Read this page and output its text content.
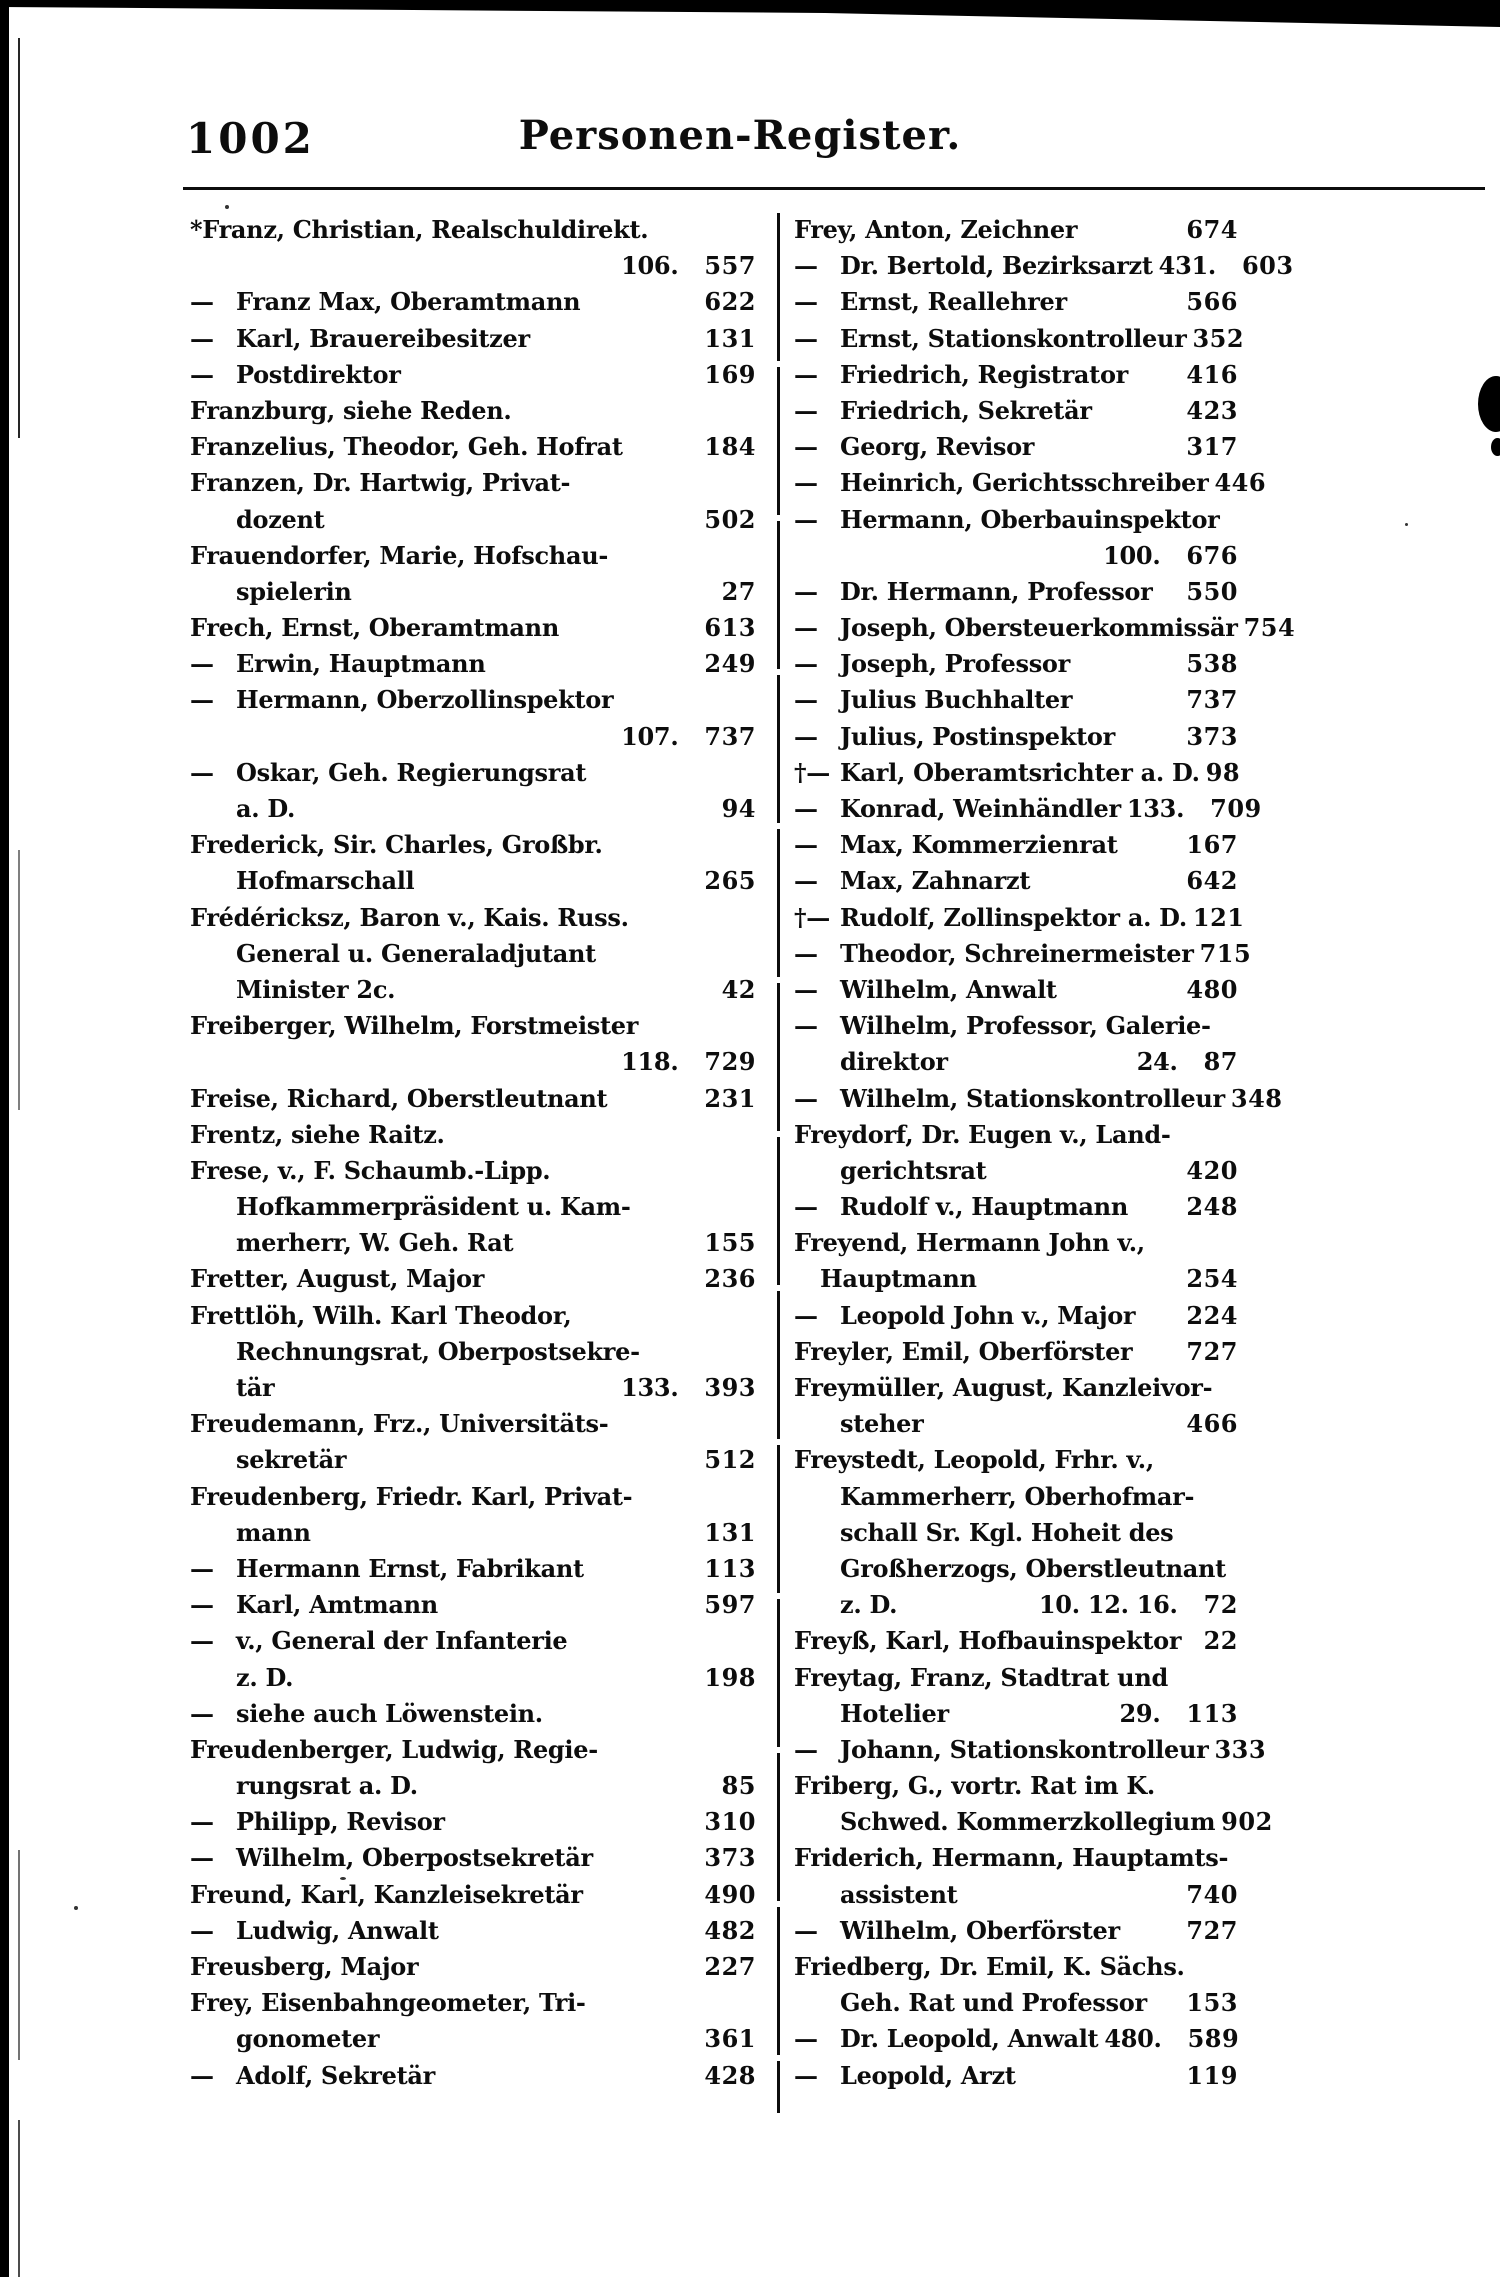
1002	Personen-Register.
*Franz, Christian, Realschuldirekt.
106. 557
— Franz Max, Oberamtmann	622
— Karl, Brauereibesitzer	131
— Postdirektor	169
Franzburg, siehe Reden.
Franzelius, Theodor, Geh. Hofrat	184
Franzen, Dr. Hartwig, Privat-
dozent	502
Frauendorfer, Marie, Hofschau-
spielerin	27
Frech, Ernst, Oberamtmann	613
— Erwin, Hauptmann	249
— Hermann, Oberzollinspektor
107. 737
— Oskar, Geh. Regierungsrat
a. D.	94
Frederick, Sir. Charles, Großbr.
Hofmarschall	265
Frédéricksz, Baron v., Kais. Russ.
General u. Generaladjutant
Minister 2c.	42
Freiberger, Wilhelm, Forstmeister
118. 729
Freise, Richard, Oberstleutnant	231
Frentz, siehe Raitz.
Frese, v., F. Schaumb.-Lipp.
Hofkammerpräsident u. Kam-
merherr, W. Geh. Rat	155
Fretter, August, Major	236
Frettlöh, Wilh. Karl Theodor,
Rechnungsrat, Oberpostsekre-
tär	133. 393
Freudemann, Frz., Universitäts-
sekretär	512
Freudenberg, Friedr. Karl, Privat-
mann	131
— Hermann Ernst, Fabrikant	113
— Karl, Amtmann	597
— v., General der Infanterie
z. D.	198
— siehe auch Löwenstein.
Freudenberger, Ludwig, Regie-
rungsrat a. D.	85
— Philipp, Revisor	310
— Wilhelm, Oberpostsekretär	373
Freund, Karl, Kanzleisekretär	490
— Ludwig, Anwalt	482
Freusberg, Major	227
Frey, Eisenbahngeometer, Tri-
gonometer	361
— Adolf, Sekretär	428
Frey, Anton, Zeichner	674
— Dr. Bertold, Bezirksarzt 431. 603
— Ernst, Reallehrer	566
— Ernst, Stationskontrolleur 352
— Friedrich, Registrator 416
— Friedrich, Sekretär	423
— Georg, Revisor	317
— Heinrich, Gerichtsschreiber 446
— Hermann, Oberbauinspektor
100. 676
— Dr. Hermann, Professor 550
— Joseph, Obersteuerkommissär 754
— Joseph, Professor	538
— Julius Buchhalter	737
— Julius, Postinspektor	373
†— Karl, Oberamtsrichter a. D. 98
— Konrad, Weinhändler 133. 709
— Max, Kommerzienrat	167
— Max, Zahnarzt	642
†— Rudolf, Zollinspektor a. D. 121
— Theodor, Schreinermeister 715
— Wilhelm, Anwalt	480
— Wilhelm, Professor, Galerie-
direktor	24. 87
— Wilhelm, Stationskontrolleur 348
Freydorf, Dr. Eugen v., Land-
gerichtsrat	420
— Rudolf v., Hauptmann 248
Freyend, Hermann John v.,
Hauptmann	254
— Leopold John v., Major 224
Freyler, Emil, Oberförster 727
Freymüller, August, Kanzleivor-
steher	466
Freystedt, Leopold, Frhr. v.,
Kammerherr, Oberhofmar-
schall Sr. Kgl. Hoheit des
Großherzogs, Oberstleutnant
z. D.	10. 12. 16. 72
Freyß, Karl, Hofbauinspektor 22
Freytag, Franz, Stadtrat und
Hotelier	29. 113
— Johann, Stationskontrolleur 333
Friberg, G., vortr. Rat im K.
Schwed. Kommerzkollegium 902
Friderich, Hermann, Hauptamts-
assistent	740
— Wilhelm, Oberförster	727
Friedberg, Dr. Emil, K. Sächs.
Geh. Rat und Professor 153
— Dr. Leopold, Anwalt 480. 589
— Leopold, Arzt	119
